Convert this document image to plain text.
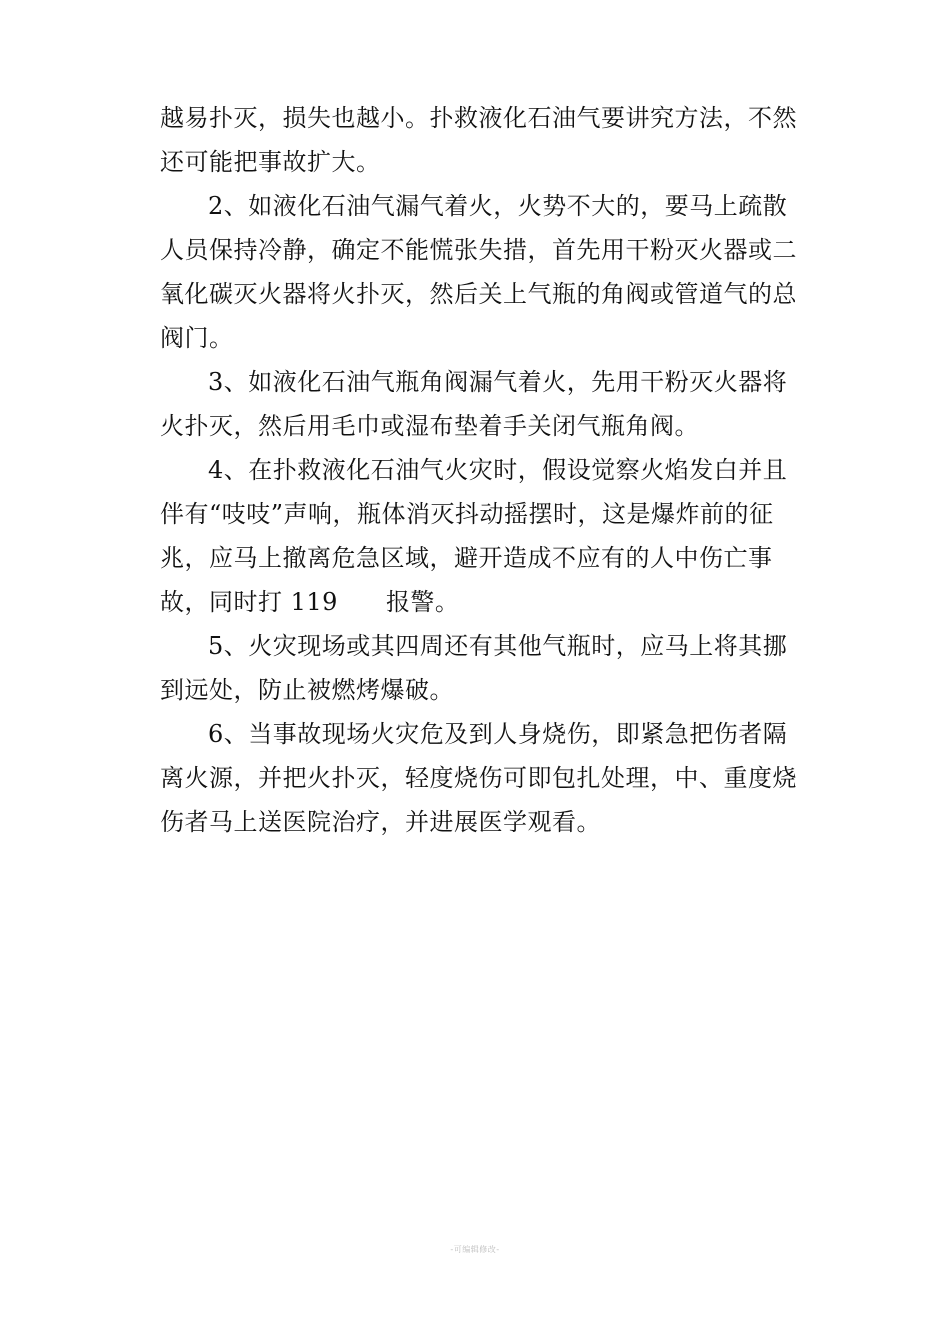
越易扑灭，损失也越小。扑救液化石油气要讲究方法，不然还可能把事故扩大。

2、如液化石油气漏气着火，火势不大的，要马上疏散人员保持冷静，确定不能慌张失措，首先用干粉灭火器或二氧化碳灭火器将火扑灭，然后关上气瓶的角阀或管道气的总阀门。

3、如液化石油气瓶角阀漏气着火，先用干粉灭火器将火扑灭，然后用毛巾或湿布垫着手关闭气瓶角阀。

4、在扑救液化石油气火灾时，假设觉察火焰发白并且伴有“吱吱”声响，瓶体消灭抖动摇摆时，这是爆炸前的征兆，应马上撤离危急区域，避开造成不应有的人中伤亡事故，同时打 119 报警。

5、火灾现场或其四周还有其他气瓶时，应马上将其挪到远处，防止被燃烤爆破。

6、当事故现场火灾危及到人身烧伤，即紧急把伤者隔离火源，并把火扑灭，轻度烧伤可即包扎处理，中、重度烧伤者马上送医院治疗，并进展医学观看。

-可编辑修改-
